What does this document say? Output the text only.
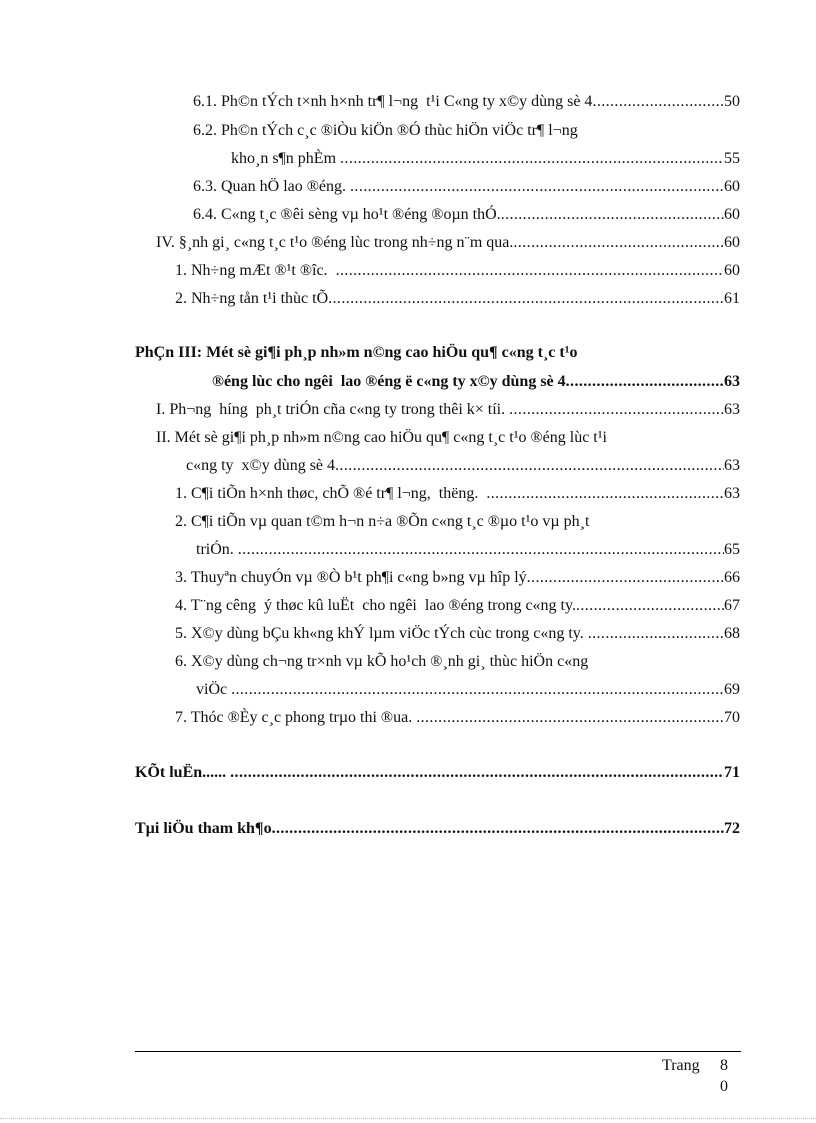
6.1. Ph©n tÝch t×nh h×nh tr¶ l¬ng  t¹i C«ng ty x©y dùng sè 4 .....	50
6.2. Ph©n tÝch c¸c ®iÒu kiÖn ®Ó thùc hiÖn viÖc tr¶ l¬ng
kho¸n s¶n phÈm .....	55
6.3. Quan hÖ lao ®éng. .....	60
6.4. C«ng t¸c ®êi sèng vµ ho¹t ®éng ®oµn thÓ. .....	60
IV. §¸nh gi¸ c«ng t¸c t¹o ®éng lùc trong nh÷ng n¨m qua. .....	60
1. Nh÷ng mÆt ®¹t ®îc. .....	60
2. Nh÷ng tån t¹i thùc tÕ .....	61
PhÇn III: Mét sè gi¶i ph¸p nh»m n©ng cao hiÖu qu¶ c«ng t¸c t¹o
®éng lùc cho ngêi  lao ®éng ë c«ng ty x©y dùng sè 4 .....	63
I. Ph¬ng  híng  ph¸t triÓn cña c«ng ty trong thêi k× tíi. .....	63
II. Mét sè gi¶i ph¸p nh»m n©ng cao hiÖu qu¶ c«ng t¸c t¹o ®éng lùc t¹i
c«ng ty  x©y dùng sè 4 .....	63
1. C¶i tiÕn h×nh thøc, chÕ ®é tr¶ l¬ng,  thëng. .....	63
2. C¶i tiÕn vµ quan t©m h¬n n÷a ®Õn c«ng t¸c ®µo t¹o vµ ph¸t
triÓn. .....	65
3. Thuyªn chuyÓn vµ ®Ò b¹t ph¶i c«ng b»ng vµ hîp lý .....	66
4. T¨ng cêng  ý thøc kû luËt  cho ngêi  lao ®éng trong c«ng ty. .....	67
5. X©y dùng bÇu kh«ng khÝ lµm viÖc tÝch cùc trong c«ng ty. .....	68
6. X©y dùng ch¬ng tr×nh vµ kÕ ho¹ch ®¸nh gi¸ thùc hiÖn c«ng
viÖc .....	69
7. Thóc ®Èy c¸c phong trµo thi ®ua. .....	70
KÕt luËn...... .....	71
Tµi liÖu tham kh¶o .....	72
Trang 8
0
